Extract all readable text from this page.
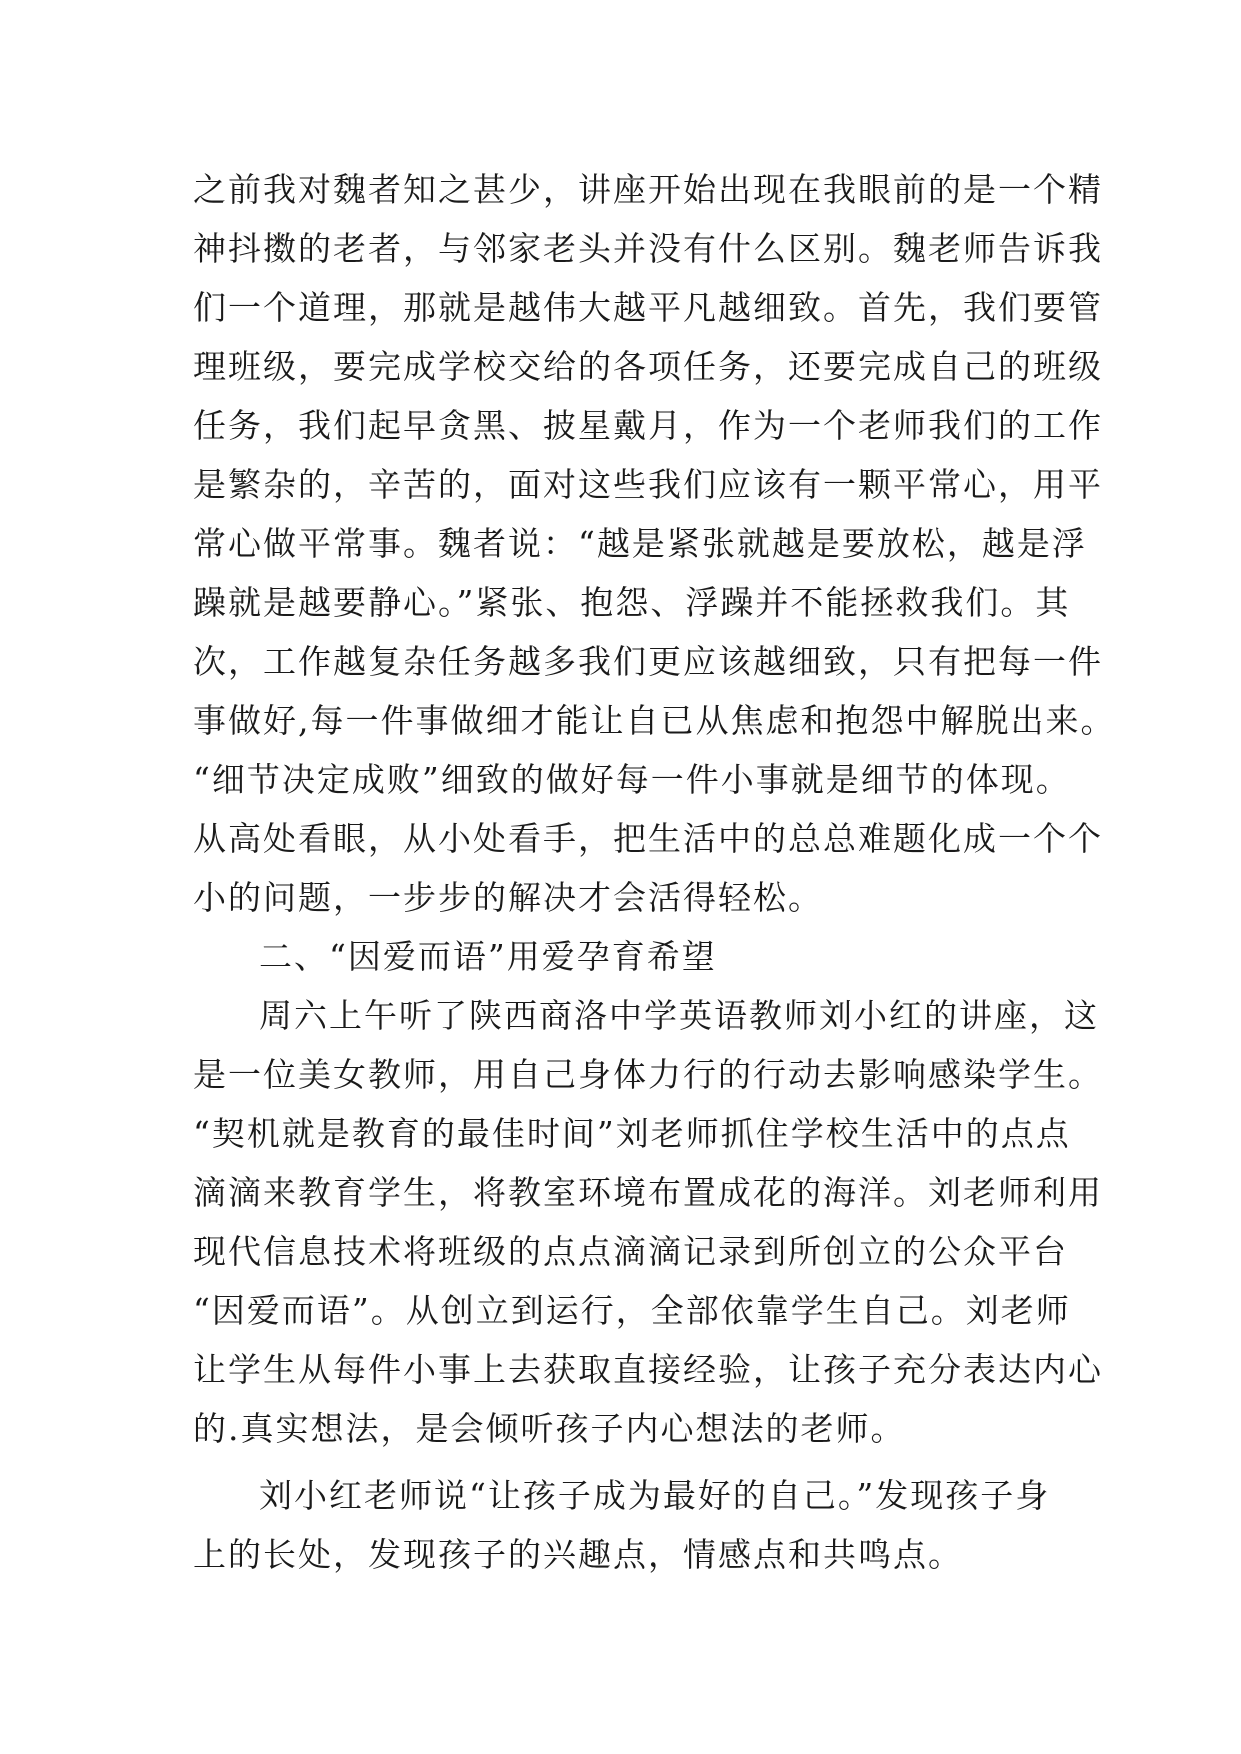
之前我对魏者知之甚少，讲座开始出现在我眼前的是一个精
神抖擞的老者，与邻家老头并没有什么区别。魏老师告诉我
们一个道理，那就是越伟大越平凡越细致。首先，我们要管
理班级，要完成学校交给的各项任务，还要完成自己的班级
任务，我们起早贪黑、披星戴月，作为一个老师我们的工作
是繁杂的，辛苦的，面对这些我们应该有一颗平常心，用平
常心做平常事。魏者说：“越是紧张就越是要放松，越是浮
躁就是越要静心。”紧张、抱怨、浮躁并不能拯救我们。其
次，工作越复杂任务越多我们更应该越细致，只有把每一件
事做好,每一件事做细才能让自已从焦虑和抱怨中解脱出来。
“细节决定成败”细致的做好每一件小事就是细节的体现。
从高处看眼，从小处看手，把生活中的总总难题化成一个个
小的问题，一步步的解决才会活得轻松。
二、“因爱而语”用爱孕育希望
周六上午听了陕西商洛中学英语教师刘小红的讲座，这
是一位美女教师，用自己身体力行的行动去影响感染学生。
“契机就是教育的最佳时间”刘老师抓住学校生活中的点点
滴滴来教育学生，将教室环境布置成花的海洋。刘老师利用
现代信息技术将班级的点点滴滴记录到所创立的公众平台
“因爱而语”。从创立到运行，全部依靠学生自己。刘老师
让学生从每件小事上去获取直接经验，让孩子充分表达内心
的.真实想法，是会倾听孩子内心想法的老师。
刘小红老师说“让孩子成为最好的自己。”发现孩子身
上的长处，发现孩子的兴趣点，情感点和共鸣点。
